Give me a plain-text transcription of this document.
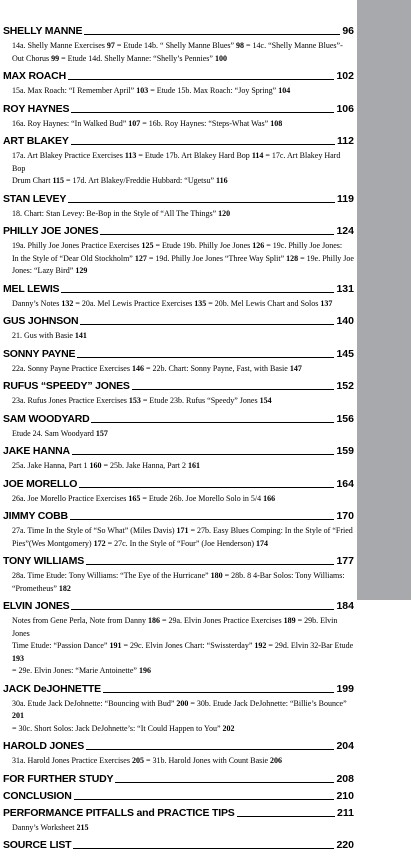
SHELLY MANNE	96
14a. Shelly Manne Exercises 97 = Etude 14b. “ Shelly Manne Blues” 98 = 14c. “Shelly Manne Blues”-
Out Chorus 99 = Etude 14d. Shelly Manne: “Shelly’s Pennies” 100
MAX ROACH	102
15a. Max Roach: “I Remember April” 103 = Etude 15b. Max Roach: “Joy Spring” 104
ROY HAYNES	106
16a. Roy Haynes: “In Walked Bud” 107 = 16b. Roy Haynes: “Steps-What Was” 108
ART BLAKEY	112
17a. Art Blakey Practice Exercises 113 = Etude 17b. Art Blakey Hard Bop 114 = 17c. Art Blakey Hard Bop
Drum Chart 115 = 17d. Art Blakey/Freddie Hubbard: “Ugetsu” 116
STAN LEVEY	119
18. Chart: Stan Levey: Be-Bop in the Style of “All The Things” 120
PHILLY JOE JONES	124
19a. Philly Joe Jones Practice Exercises 125 = Etude 19b. Philly Joe Jones 126 = 19c. Philly Joe Jones:
In the Style of “Dear Old Stockholm” 127 = 19d. Philly Joe Jones “Three Way Split” 128 = 19e. Philly Joe
Jones: “Lazy Bird” 129
MEL LEWIS	131
Danny’s Notes 132 = 20a. Mel Lewis Practice Exercises 135 = 20b. Mel Lewis Chart and Solos 137
GUS JOHNSON	140
21. Gus with Basie 141
SONNY PAYNE	145
22a. Sonny Payne Practice Exercises 146 = 22b. Chart: Sonny Payne, Fast, with Basie 147
RUFUS “SPEEDY” JONES	152
23a. Rufus Jones Practice Exercises 153 = Etude 23b. Rufus “Speedy” Jones 154
SAM WOODYARD	156
Etude 24. Sam Woodyard 157
JAKE HANNA	159
25a. Jake Hanna, Part 1 160 = 25b. Jake Hanna, Part 2 161
JOE MORELLO	164
26a. Joe Morello Practice Exercises 165 = Etude 26b. Joe Morello Solo in 5/4 166
JIMMY COBB	170
27a. Time In the Style of “So What” (Miles Davis) 171 = 27b. Easy Blues Comping: In the Style of “Fried
Pies”(Wes Montgomery) 172 = 27c. In the Style of “Four” (Joe Henderson) 174
TONY WILLIAMS	177
28a. Time Etude: Tony Williams: “The Eye of the Hurricane” 180 = 28b. 8 4-Bar Solos: Tony Williams:
“Prometheus” 182
ELVIN JONES	184
Notes from Gene Perla, Note from Danny 186 = 29a. Elvin Jones Practice Exercises 189 = 29b. Elvin Jones
Time Etude: “Passion Dance” 191 = 29c. Elvin Jones Chart: “Swissterday” 192 = 29d. Elvin 32-Bar Etude 193
= 29e. Elvin Jones: “Marie Antoinette” 196
JACK DeJOHNETTE	199
30a. Etude Jack DeJohnette: “Bouncing with Bud” 200 = 30b. Etude Jack DeJohnette: “Billie’s Bounce” 201
= 30c. Short Solos: Jack DeJohnette’s: “It Could Happen to You” 202
HAROLD JONES	204
31a. Harold Jones Practice Exercises 205 = 31b. Harold Jones with Count Basie 206
FOR FURTHER STUDY	208
CONCLUSION	210
PERFORMANCE PITFALLS and PRACTICE TIPS	211
Danny’s Worksheet 215
SOURCE LIST	220
